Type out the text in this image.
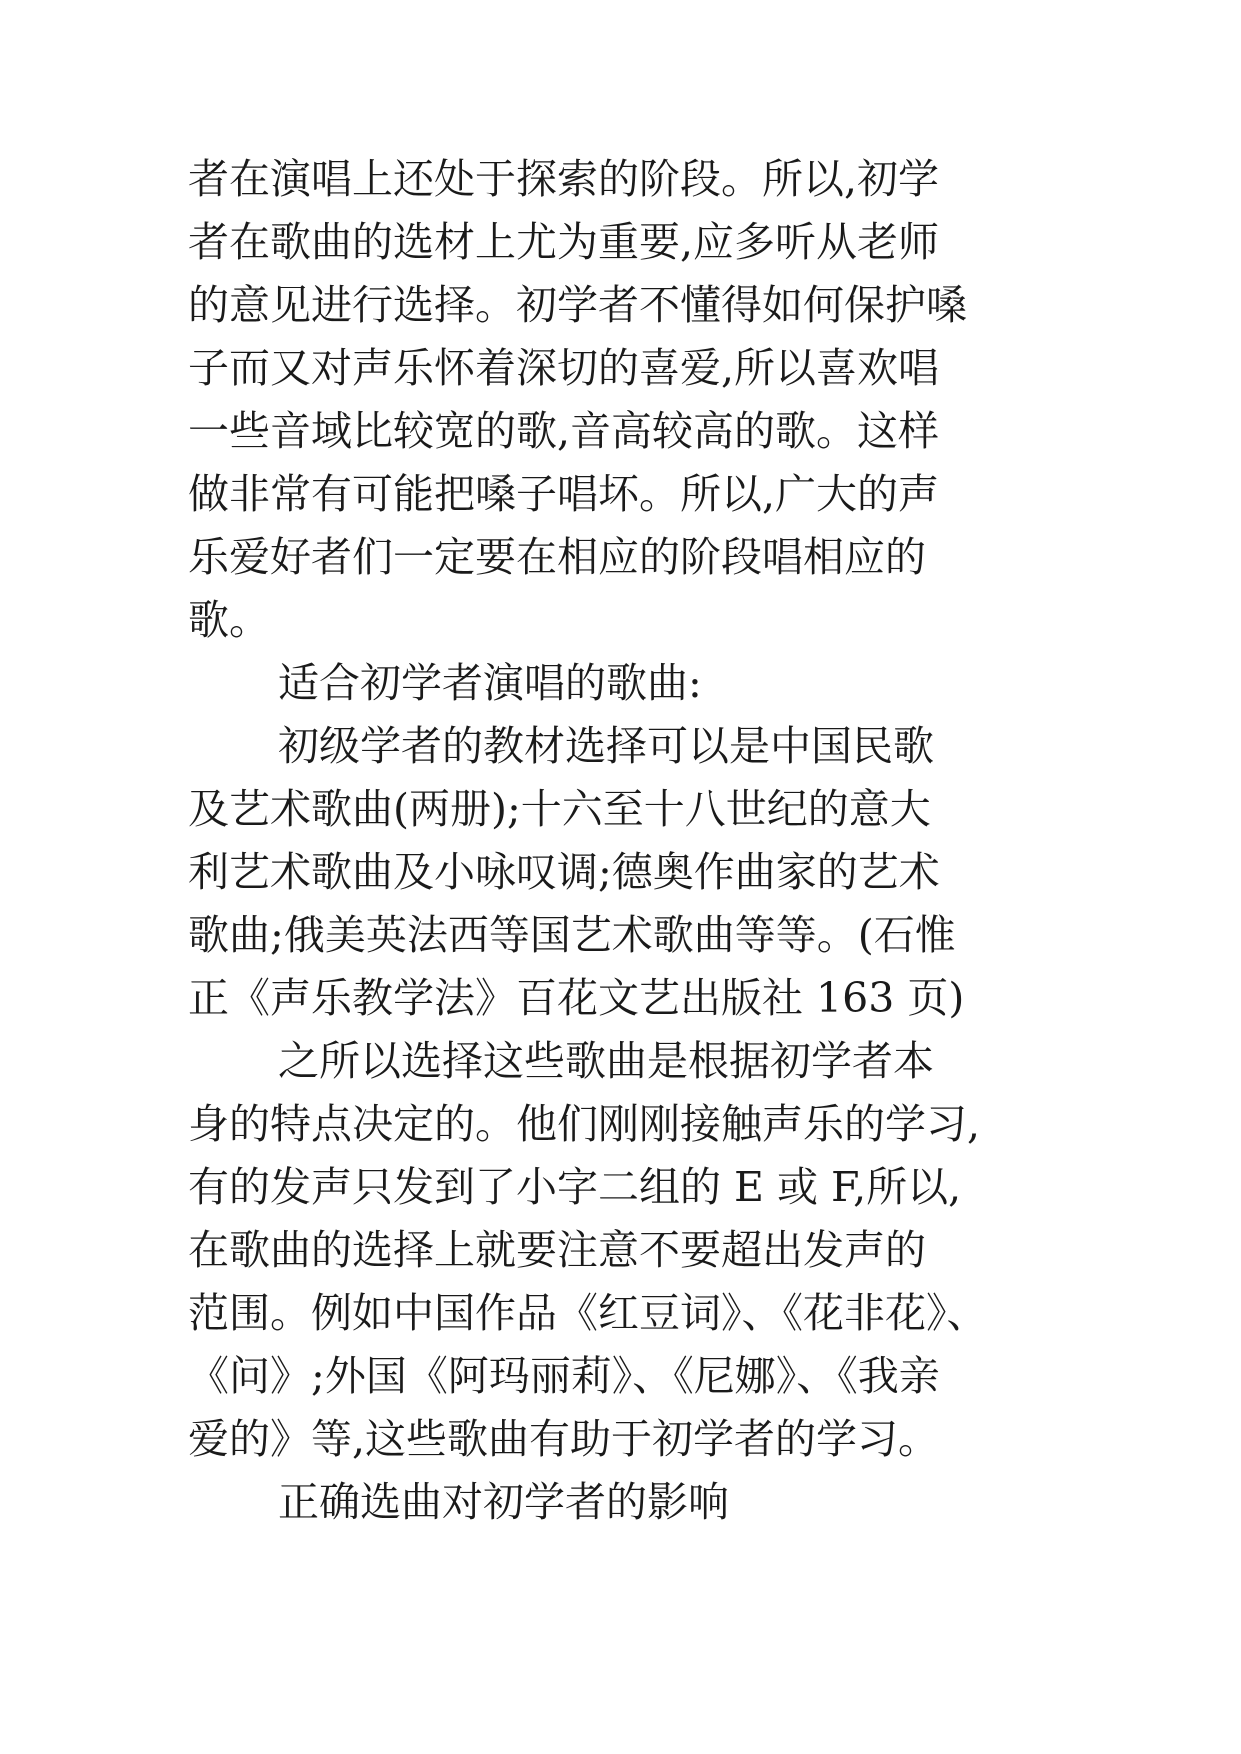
者在演唱上还处于探索的阶段。所以,初学
者在歌曲的选材上尤为重要,应多听从老师
的意见进行选择。初学者不懂得如何保护嗓
子而又对声乐怀着深切的喜爱,所以喜欢唱
一些音域比较宽的歌,音高较高的歌。这样
做非常有可能把嗓子唱坏。所以,广大的声
乐爱好者们一定要在相应的阶段唱相应的
歌。
适合初学者演唱的歌曲:
初级学者的教材选择可以是中国民歌
及艺术歌曲(两册);十六至十八世纪的意大
利艺术歌曲及小咏叹调;德奥作曲家的艺术
歌曲;俄美英法西等国艺术歌曲等等。(石惟
正《声乐教学法》百花文艺出版社 163 页)
之所以选择这些歌曲是根据初学者本
身的特点决定的。他们刚刚接触声乐的学习,
有的发声只发到了小字二组的 E 或 F,所以,
在歌曲的选择上就要注意不要超出发声的
范围。例如中国作品《红豆词》、《花非花》、
《问》;外国《阿玛丽莉》、《尼娜》、《我亲
爱的》等,这些歌曲有助于初学者的学习。
正确选曲对初学者的影响
